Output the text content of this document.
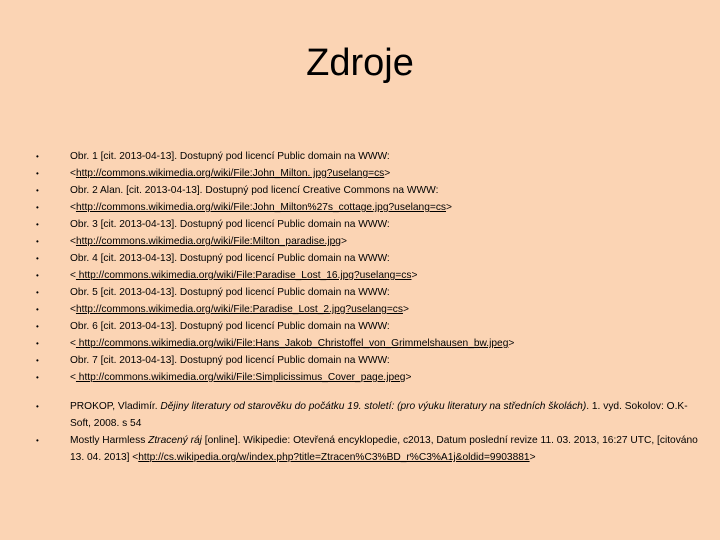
Zdroje
•	Obr. 1 [cit. 2013-04-13]. Dostupný pod licencí Public domain na WWW:
•	<http://commons.wikimedia.org/wiki/File:John_Milton. jpg?uselang=cs>
•	Obr. 2 Alan. [cit. 2013-04-13]. Dostupný pod licencí Creative Commons na WWW:
•	<http://commons.wikimedia.org/wiki/File:John_Milton%27s_cottage.jpg?uselang=cs>
•	Obr. 3 [cit. 2013-04-13]. Dostupný pod licencí Public domain na WWW:
•	<http://commons.wikimedia.org/wiki/File:Milton_paradise.jpg>
•	Obr. 4 [cit. 2013-04-13]. Dostupný pod licencí Public domain na WWW:
•	< http://commons.wikimedia.org/wiki/File:Paradise_Lost_16.jpg?uselang=cs>
•	Obr. 5 [cit. 2013-04-13]. Dostupný pod licencí Public domain na WWW:
•	<http://commons.wikimedia.org/wiki/File:Paradise_Lost_2.jpg?uselang=cs>
•	Obr. 6 [cit. 2013-04-13]. Dostupný pod licencí Public domain na WWW:
•	< http://commons.wikimedia.org/wiki/File:Hans_Jakob_Christoffel_von_Grimmelshausen_bw.jpeg>
•	Obr. 7 [cit. 2013-04-13]. Dostupný pod licencí Public domain na WWW:
•	< http://commons.wikimedia.org/wiki/File:Simplicissimus_Cover_page.jpeg>
•	PROKOP, Vladimír. Dějiny literatury od starověku do počátku 19. století: (pro výuku literatury na středních školách). 1. vyd. Sokolov: O.K- Soft, 2008. s 54
•	Mostly Harmless Ztracený ráj [online]. Wikipedie: Otevřená encyklopedie, c2013, Datum poslední revize 11. 03. 2013, 16:27 UTC, [citováno 13. 04. 2013] <http://cs.wikipedia.org/w/index.php?title=Ztracen%C3%BD_r%C3%A1j&oldid=9903881>
